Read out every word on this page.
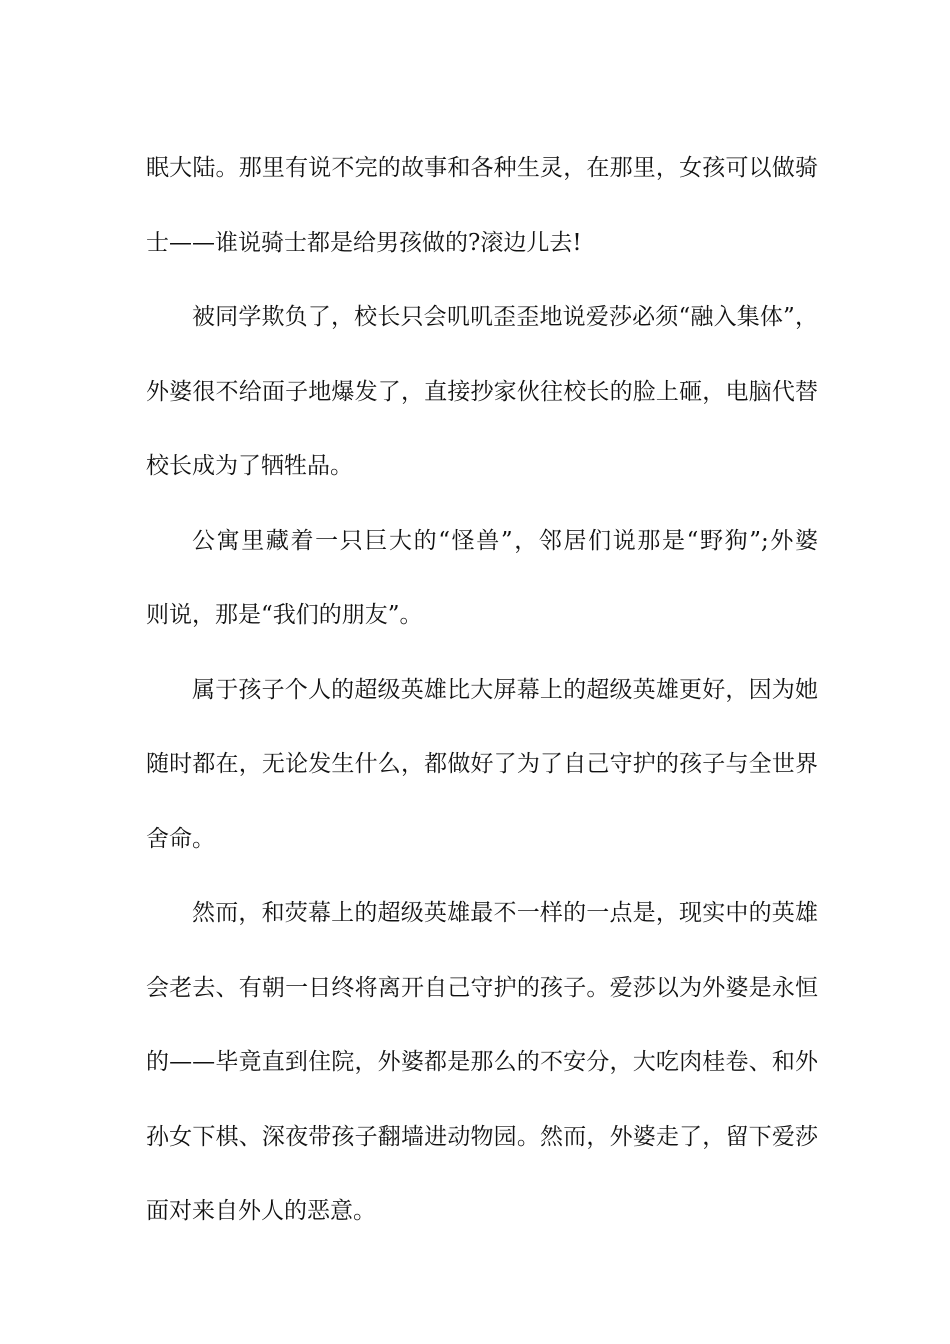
眠大陆。那里有说不完的故事和各种生灵，在那里，女孩可以做骑
士——谁说骑士都是给男孩做的?滚边儿去!
被同学欺负了，校长只会叽叽歪歪地说爱莎必须“融入集体”，
外婆很不给面子地爆发了，直接抄家伙往校长的脸上砸，电脑代替
校长成为了牺牲品。
公寓里藏着一只巨大的“怪兽”，邻居们说那是“野狗”;外婆
则说，那是“我们的朋友”。
属于孩子个人的超级英雄比大屏幕上的超级英雄更好，因为她
随时都在，无论发生什么，都做好了为了自己守护的孩子与全世界
舍命。
然而，和荧幕上的超级英雄最不一样的一点是，现实中的英雄
会老去、有朝一日终将离开自己守护的孩子。爱莎以为外婆是永恒
的——毕竟直到住院，外婆都是那么的不安分，大吃肉桂卷、和外
孙女下棋、深夜带孩子翻墙进动物园。然而，外婆走了，留下爱莎
面对来自外人的恶意。
